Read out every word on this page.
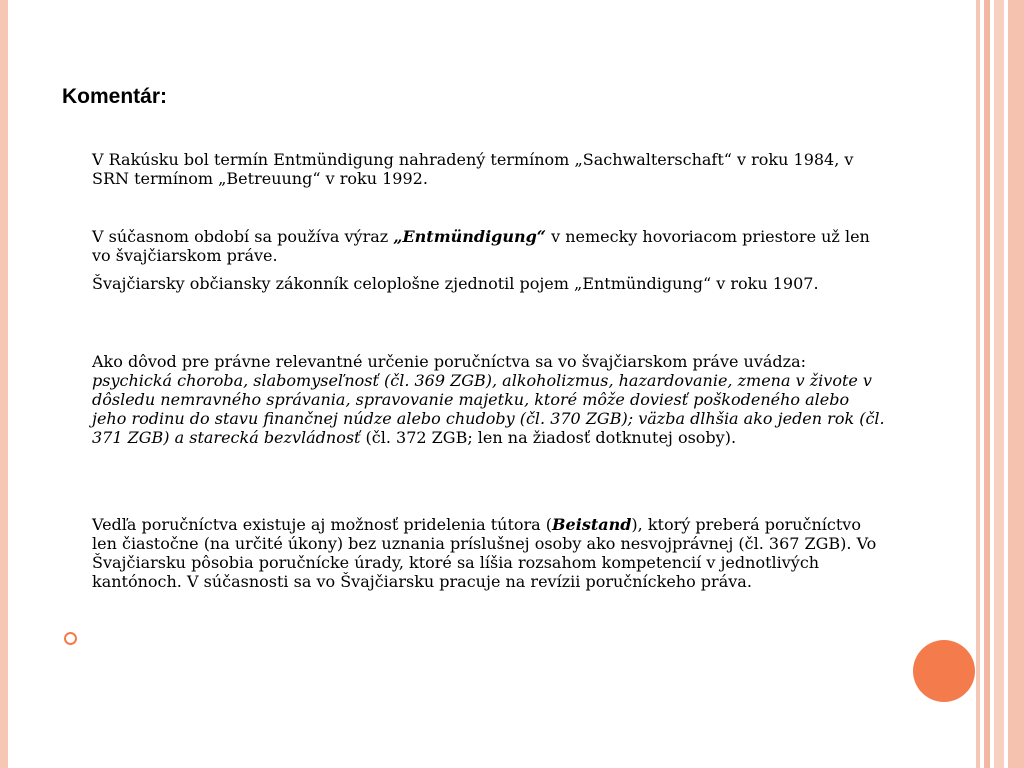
Komentár:

V Rakúsku bol termín Entmündigung nahradený termínom „Sachwalterschaft“ v roku 1984, v SRN termínom „Betreuung“ v roku 1992.

V súčasnom období sa používa výraz „Entmündigung“ v nemecky hovoriacom priestore už len vo švajčiarskom práve.

Švajčiarsky občiansky zákonník celoplošne zjednotil pojem „Entmündigung“ v roku 1907.

Ako dôvod pre právne relevantné určenie poručníctva sa vo švajčiarskom práve uvádza: psychická choroba, slabomyseľnosť (čl. 369 ZGB), alkoholizmus, hazardovanie, zmena v živote v dôsledu nemravného správania, spravovanie majetku, ktoré môže doviesť poškodeného alebo jeho rodinu do stavu finančnej núdze alebo chudoby (čl. 370 ZGB); väzba dlhšia ako jeden rok (čl. 371 ZGB) a starecká bezvládnosť (čl. 372 ZGB; len na žiadosť dotknutej osoby).

Vedľa poručníctva existuje aj možnosť pridelenia tútora (Beistand), ktorý preberá poručníctvo len čiastočne (na určité úkony) bez uznania príslušnej osoby ako nesvojprávnej (čl. 367 ZGB). Vo Švajčiarsku pôsobia poručnícke úrady, ktoré sa líšia rozsahom kompetencií v jednotlivých kantónoch. V súčasnosti sa vo Švajčiarsku pracuje na revízii poručníckeho práva.
